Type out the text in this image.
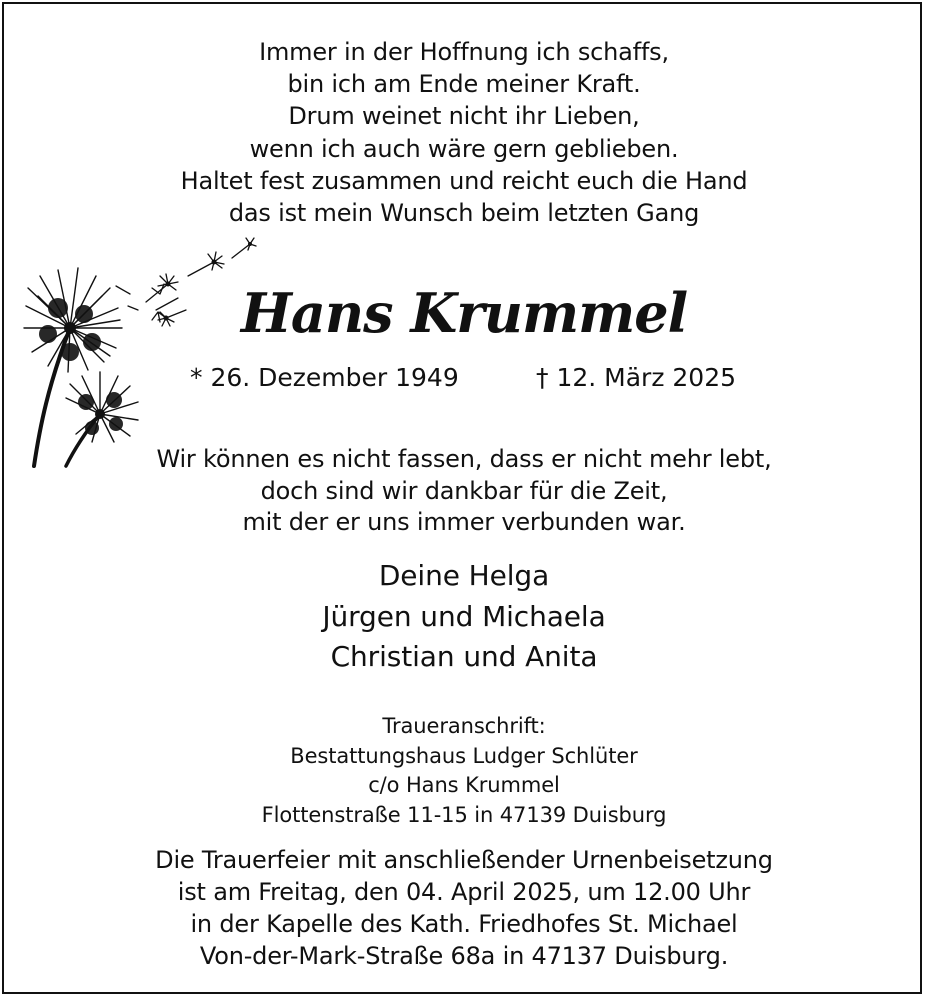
Immer in der Hoffnung ich schaffs,
bin ich am Ende meiner Kraft.
Drum weinet nicht ihr Lieben,
wenn ich auch wäre gern geblieben.
Haltet fest zusammen und reicht euch die Hand
das ist mein Wunsch beim letzten Gang
Hans Krummel
* 26. Dezember 1949	† 12. März 2025
Wir können es nicht fassen, dass er nicht mehr lebt,
doch sind wir dankbar für die Zeit,
mit der er uns immer verbunden war.
Deine Helga
Jürgen und Michaela
Christian und Anita
Traueranschrift:
Bestattungshaus Ludger Schlüter
c/o Hans Krummel
Flottenstraße 11-15 in 47139 Duisburg
Die Trauerfeier mit anschließender Urnenbeisetzung
ist am Freitag, den 04. April 2025, um 12.00 Uhr
in der Kapelle des Kath. Friedhofes St. Michael
Von-der-Mark-Straße 68a in 47137 Duisburg.
